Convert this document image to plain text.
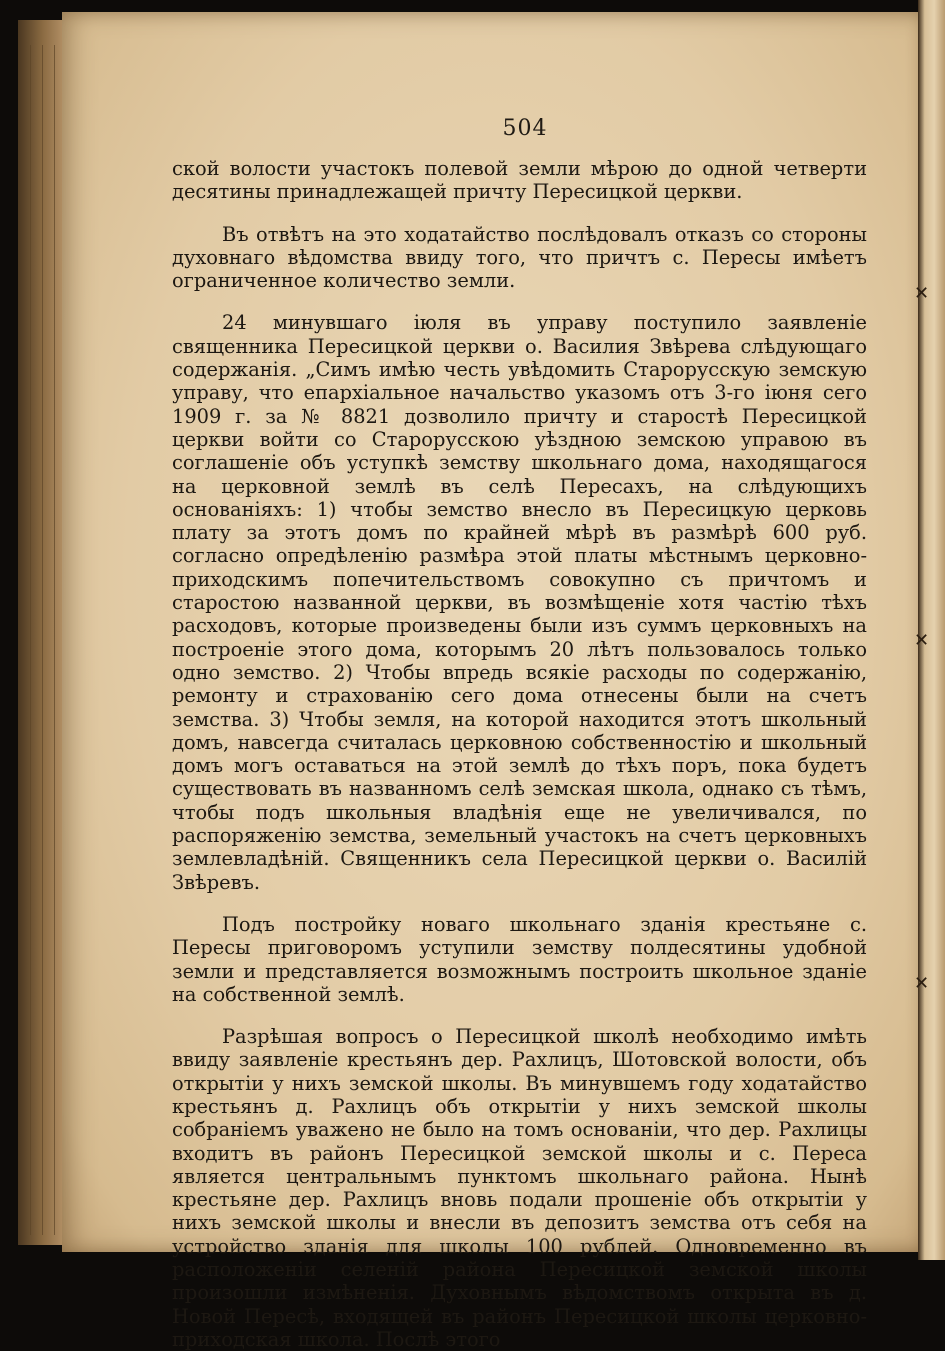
✕
✕
✕
504

ской волости участокъ полевой земли мѣрою до одной четверти десятины принадлежащей причту Пересицкой церкви.

Въ отвѣтъ на это ходатайство послѣдовалъ отказъ со стороны духовнаго вѣдомства ввиду того, что причтъ с. Пересы имѣетъ ограниченное количество земли.

24 минувшаго iюля въ управу поступило заявленiе священника Пересицкой церкви о. Василия Звѣрева слѣдующаго содержанiя. „Симъ имѣю честь увѣдомить Старорусскую земскую управу, что епархiальное начальство указомъ отъ 3-го iюня сего 1909 г. за № 8821 дозволило причту и старостѣ Пересицкой церкви войти со Старорусскою уѣздною земскою управою въ соглашенiе объ уступкѣ земству школьнаго дома, находящагося на церковной землѣ въ селѣ Пересахъ, на слѣдующихъ основанiяхъ: 1) чтобы земство внесло въ Пересицкую церковь плату за этотъ домъ по крайней мѣрѣ въ размѣрѣ 600 руб. согласно опредѣленiю размѣра этой платы мѣстнымъ церковно-приходскимъ попечительствомъ совокупно съ причтомъ и старостою названной церкви, въ возмѣщенiе хотя частiю тѣхъ расходовъ, которые произведены были изъ суммъ церковныхъ на построенiе этого дома, которымъ 20 лѣтъ пользовалось только одно земство. 2) Чтобы впредь всякiе расходы по содержанiю, ремонту и страхованiю сего дома отнесены были на счетъ земства. 3) Чтобы земля, на которой находится этотъ школьный домъ, навсегда считалась церковною собственностiю и школьный домъ могъ оставаться на этой землѣ до тѣхъ поръ, пока будетъ существовать въ названномъ селѣ земская школа, однако съ тѣмъ, чтобы подъ школьныя владѣнiя еще не увеличивался, по распоряженiю земства, земельный участокъ на счетъ церковныхъ землевладѣнiй. Священникъ села Пересицкой церкви о. Василiй Звѣревъ.

Подъ постройку новаго школьнаго зданiя крестьяне с. Пересы приговоромъ уступили земству полдесятины удобной земли и представляется возможнымъ построить школьное зданiе на собственной землѣ.

Разрѣшая вопросъ о Пересицкой школѣ необходимо имѣть ввиду заявленiе крестьянъ дер. Рахлицъ, Шотовской волости, объ открытiи у нихъ земской школы. Въ минувшемъ году ходатайство крестьянъ д. Рахлицъ объ открытiи у нихъ земской школы собранiемъ уважено не было на томъ основанiи, что дер. Рахлицы входитъ въ районъ Пересицкой земской школы и с. Переса является центральнымъ пунктомъ школьнаго района. Нынѣ крестьяне дер. Рахлицъ вновь подали прошенiе объ открытiи у нихъ земской школы и внесли въ депозитъ земства отъ себя на устройство зданiя для школы 100 рублей. Одновременно въ расположенiи селенiй района Пересицкой земской школы произошли измѣненiя. Духовнымъ вѣдомствомъ открыта въ д. Новой Пересѣ, входящей въ районъ Пересицкой школы церковно-приходская школа. Послѣ этого
